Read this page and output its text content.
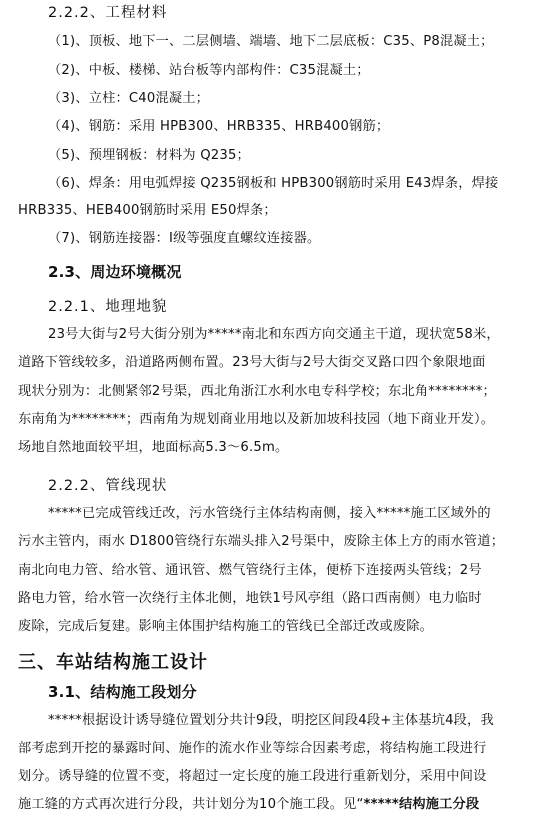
2.2.2、工程材料
（1)、顶板、地下一、二层侧墙、端墙、地下二层底板：C35、P8混凝土；
（2)、中板、楼梯、站台板等内部构件：C35混凝土；
（3)、立柱：C40混凝土；
（4)、钢筋：采用 HPB300、HRB335、HRB400钢筋；
（5)、预埋钢板：材料为 Q235；
（6)、焊条：用电弧焊接 Q235钢板和 HPB300钢筋时采用 E43焊条，焊接
HRB335、HEB400钢筋时采用 E50焊条；
（7)、钢筋连接器：Ⅰ级等强度直螺纹连接器。
2.3、周边环境概况
2.2.1、地理地貌
23号大街与2号大街分别为*****南北和东西方向交通主干道，现状宽58米，
道路下管线较多，沿道路两侧布置。23号大街与2号大街交叉路口四个象限地面
现状分别为：北侧紧邻2号渠，西北角浙江水利水电专科学校；东北角********；
东南角为********；西南角为规划商业用地以及新加坡科技园（地下商业开发）。
场地自然地面较平坦，地面标高5.3～6.5m。
2.2.2、管线现状
*****已完成管线迁改，污水管绕行主体结构南侧，接入*****施工区域外的
污水主管内，雨水 D1800管绕行东端头排入2号渠中，废除主体上方的雨水管道；
南北向电力管、给水管、通讯管、燃气管绕行主体，便桥下连接两头管线；2号
路电力管，给水管一次绕行主体北侧，地铁1号风亭组（路口西南侧）电力临时
废除，完成后复建。影响主体围护结构施工的管线已全部迁改或废除。
三、车站结构施工设计
3.1、结构施工段划分
*****根据设计诱导缝位置划分共计9段，明挖区间段4段+主体基坑4段，我
部考虑到开挖的暴露时间、施作的流水作业等综合因素考虑，将结构施工段进行
划分。诱导缝的位置不变，将超过一定长度的施工段进行重新划分，采用中间设
施工缝的方式再次进行分段，共计划分为10个施工段。见“*****结构施工分段
